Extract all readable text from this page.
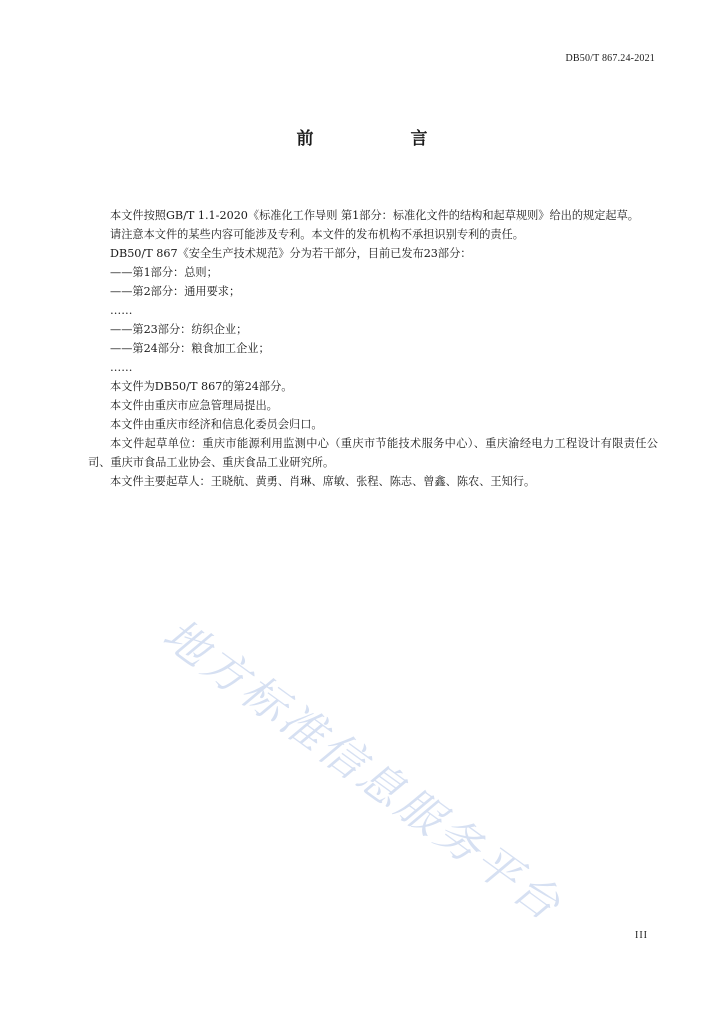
DB50/T 867.24-2021
前　言

本文件按照GB/T 1.1-2020《标准化工作导则 第1部分：标准化文件的结构和起草规则》给出的规定起草。

请注意本文件的某些内容可能涉及专利。本文件的发布机构不承担识别专利的责任。

DB50/T 867《安全生产技术规范》分为若干部分，目前已发布23部分：

——第1部分：总则；

——第2部分：通用要求；

……

——第23部分：纺织企业；

——第24部分：粮食加工企业；

……

本文件为DB50/T 867的第24部分。

本文件由重庆市应急管理局提出。

本文件由重庆市经济和信息化委员会归口。

本文件起草单位：重庆市能源利用监测中心（重庆市节能技术服务中心）、重庆渝经电力工程设计有限责任公司、重庆市食品工业协会、重庆食品工业研究所。

本文件主要起草人：王晓航、黄勇、肖琳、席敏、张程、陈志、曾鑫、陈农、王知行。

地方标准信息服务平台
III
